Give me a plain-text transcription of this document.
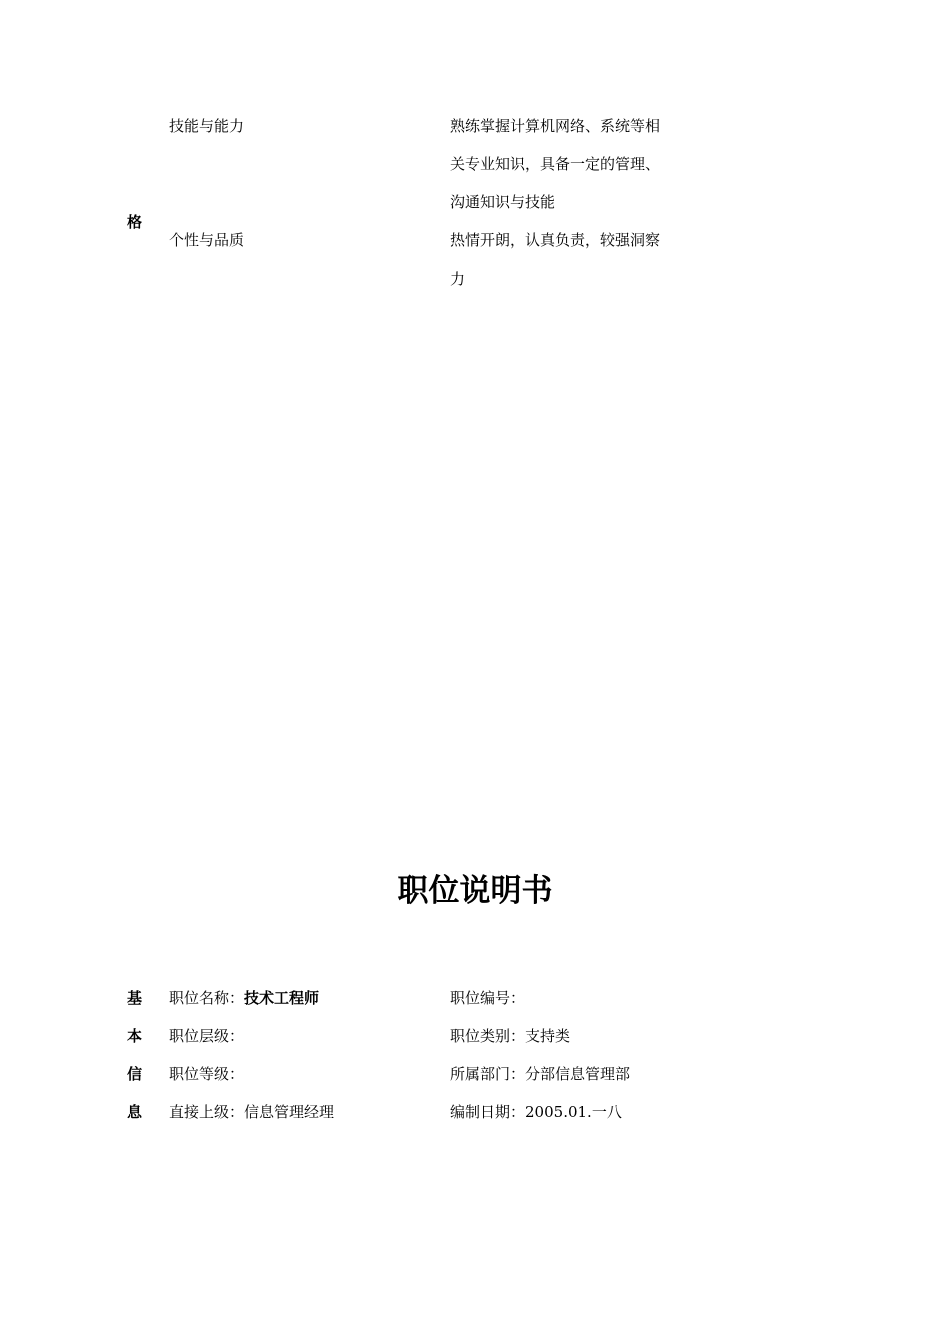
技能与能力	熟练掌握计算机网络、系统等相
关专业知识，具备一定的管理、
沟通知识与技能
格
个性与品质	热情开朗，认真负责，较强洞察
力
职位说明书
基 职位名称：技术工程师	职位编号：
本 职位层级：	职位类别：支持类
信 职位等级：	所属部门：分部信息管理部
息 直接上级：信息管理经理	编制日期：2005.01.一八
